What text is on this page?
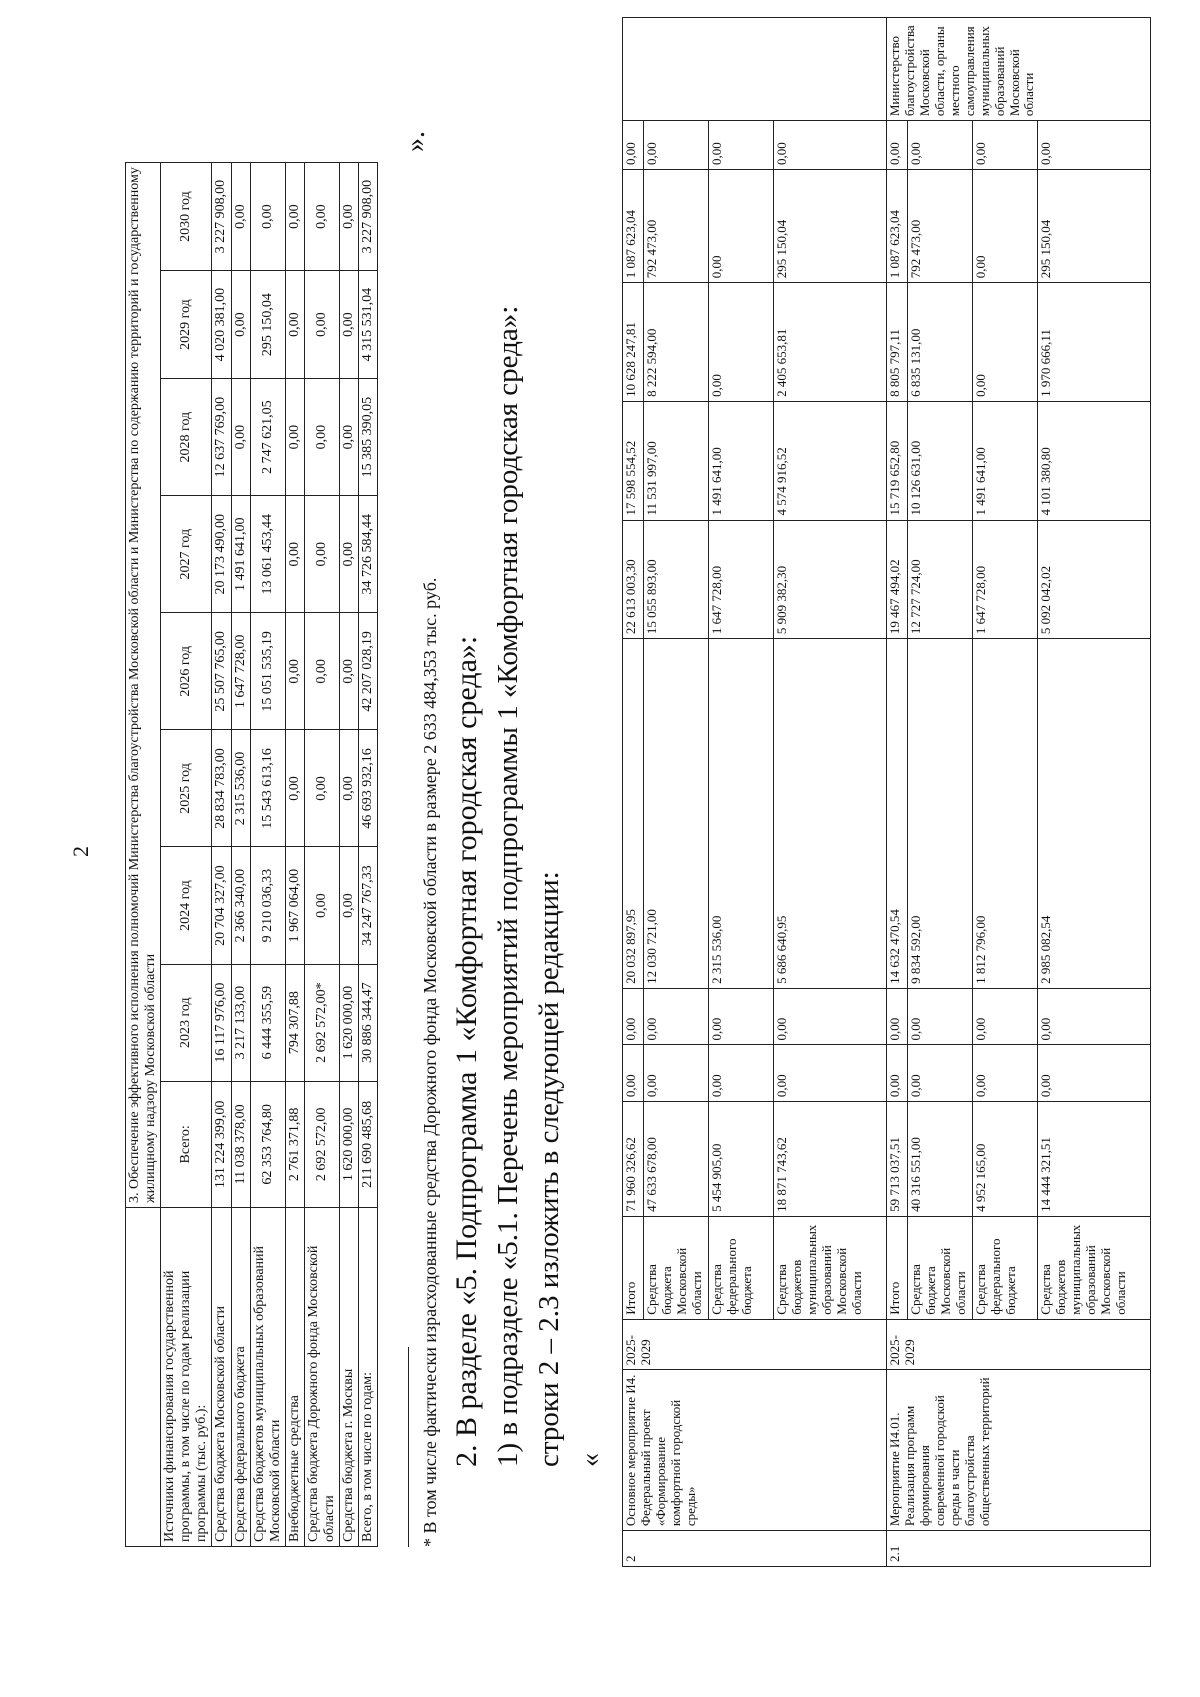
2
	3. Обеспечение эффективного исполнения полномочий Министерства благоустройства Московской области и Министерства по содержанию территорий и государственному жилищному надзору Московской области								
Источники финансирования государственной программы, в том числе по годам реализации программы (тыс. руб.):	Всего:	2023 год	2024 год	2025 год	2026 год	2027 год	2028 год	2029 год	2030 год
Средства бюджета Московской области	131 224 399,00	16 117 976,00	20 704 327,00	28 834 783,00	25 507 765,00	20 173 490,00	12 637 769,00	4 020 381,00	3 227 908,00
Средства федерального бюджета	11 038 378,00	3 217 133,00	2 366 340,00	2 315 536,00	1 647 728,00	1 491 641,00	0,00	0,00	0,00
Средства бюджетов муниципальных образований Московской области	62 353 764,80	6 444 355,59	9 210 036,33	15 543 613,16	15 051 535,19	13 061 453,44	2 747 621,05	295 150,04	0,00
Внебюджетные средства	2 761 371,88	794 307,88	1 967 064,00	0,00	0,00	0,00	0,00	0,00	0,00
Средства бюджета Дорожного фонда Московской области	2 692 572,00	2 692 572,00*	0,00	0,00	0,00	0,00	0,00	0,00	0,00
Средства бюджета г. Москвы	1 620 000,00	1 620 000,00	0,00	0,00	0,00	0,00	0,00	0,00	0,00
Всего, в том числе по годам:	211 690 485,68	30 886 344,47	34 247 767,33	46 693 932,16	42 207 028,19	34 726 584,44	15 385 390,05	4 315 531,04	3 227 908,00
* В том числе фактически израсходованные средства Дорожного фонда Московской области в размере 2 633 484,353 тыс. руб.
».
2. В разделе «5. Подпрограмма 1 «Комфортная городская среда»: 1) в подразделе «5.1. Перечень мероприятий подпрограммы 1 «Комфортная городская среда»: строки 2 – 2.3 изложить в следующей редакции: «
2	Основное мероприятие И4. Федеральный проект «Формирование комфортной городской среды»	2025-2029	Итого	71 960 326,62	0,00	0,00	20 032 897,95	22 613 003,30	17 598 554,52	10 628 247,81	1 087 623,04	0,00	
			Средства бюджета Московской области	47 633 678,00	0,00	0,00	12 030 721,00	15 055 893,00	11 531 997,00	8 222 594,00	792 473,00	0,00	
			Средства федерального бюджета	5 454 905,00	0,00	0,00	2 315 536,00	1 647 728,00	1 491 641,00	0,00	0,00	0,00	
			Средства бюджетов муниципальных образований Московской области	18 871 743,62	0,00	0,00	5 686 640,95	5 909 382,30	4 574 916,52	2 405 653,81	295 150,04	0,00	
2.1	Мероприятие И4.01. Реализация программ формирования современной городской среды в части благоустройства общественных территорий	2025-2029	Итого	59 713 037,51	0,00	0,00	14 632 470,54	19 467 494,02	15 719 652,80	8 805 797,11	1 087 623,04	0,00	Министерство благоустройства Московской области, органы местного самоуправления муниципальных образований Московской области
			Средства бюджета Московской области	40 316 551,00	0,00	0,00	9 834 592,00	12 727 724,00	10 126 631,00	6 835 131,00	792 473,00	0,00	
			Средства федерального бюджета	4 952 165,00	0,00	0,00	1 812 796,00	1 647 728,00	1 491 641,00	0,00	0,00	0,00	
			Средства бюджетов муниципальных образований Московской области	14 444 321,51	0,00	0,00	2 985 082,54	5 092 042,02	4 101 380,80	1 970 666,11	295 150,04	0,00	
